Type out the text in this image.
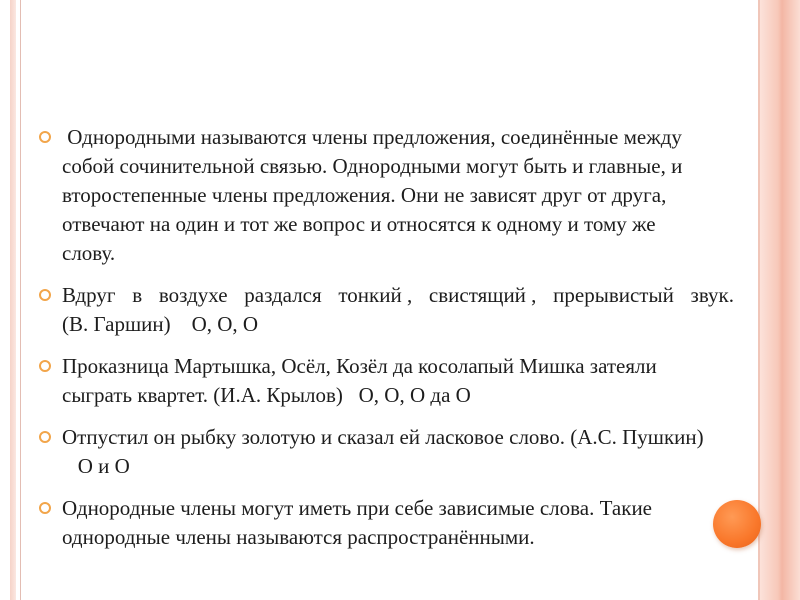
Однородными называются члены предложения, соединённые между
собой сочинительной связью. Однородными могут быть и главные, и
второстепенные члены предложения. Они не зависят друг от друга,
отвечают на один и тот же вопрос и относятся к одному и тому же
слову.
Вдруг в воздухе раздался тонкий , свистящий , прерывистый звук.
(В. Гаршин)    О, О, О
Проказница Мартышка, Осёл, Козёл да косолапый Мишка затеяли
сыграть квартет. (И.А. Крылов)   О, О, О да О
Отпустил он рыбку золотую и сказал ей ласковое слово. (А.С. Пушкин)
О и О
Однородные члены могут иметь при себе зависимые слова. Такие
однородные члены называются распространёнными.
